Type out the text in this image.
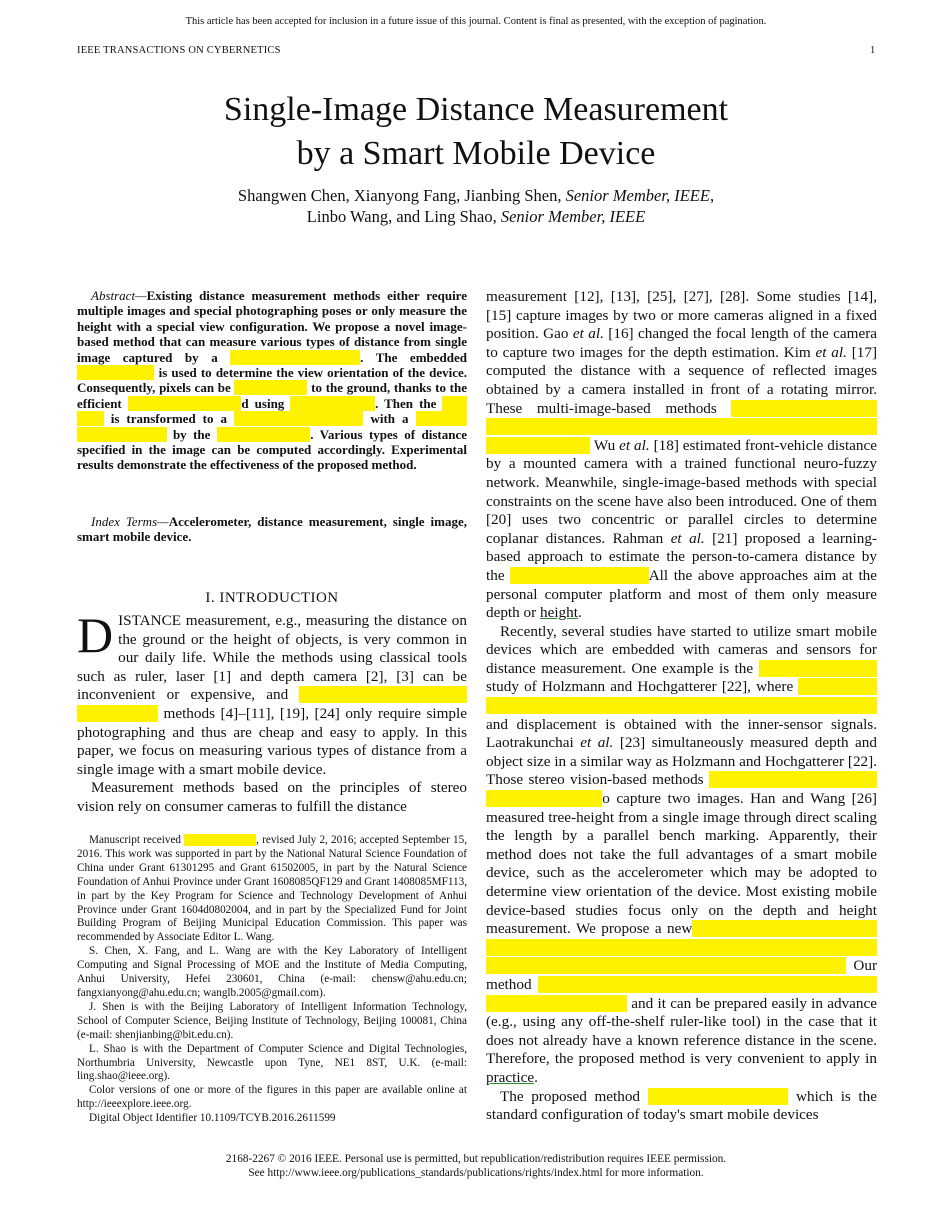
This article has been accepted for inclusion in a future issue of this journal. Content is final as presented, with the exception of pagination.
IEEE TRANSACTIONS ON CYBERNETICS	1
Single-Image Distance Measurement
by a Smart Mobile Device
Shangwen Chen, Xianyong Fang, Jianbing Shen, Senior Member, IEEE,
Linbo Wang, and Ling Shao, Senior Member, IEEE

Abstract—Existing distance measurement methods either require multiple images and special photographing poses or only measure the height with a special view configuration. We propose a novel image-based method that can measure various types of distance from single image captured by a smart mobile device. The embedded accelerometer is used to determine the view orientation of the device. Consequently, pixels can be mapped onto to the ground, thanks to the efficient conversion computed using the orientation. Then the map scale is transformed to a real-world coordinates with a reference distance known by the user beforehand. Various types of distance specified in the image can be computed accordingly. Experimental results demonstrate the effectiveness of the proposed method.

Index Terms—Accelerometer, distance measurement, single image, smart mobile device.

I. INTRODUCTION

DISTANCE measurement, e.g., measuring the distance on the ground or the height of objects, is very common in our daily life. While the methods using classical tools such as ruler, laser [1] and depth camera [2], [3] can be inconvenient or expensive, and the image-based distance measurement methods [4]–[11], [19], [24] only require simple photographing and thus are cheap and easy to apply. In this paper, we focus on measuring various types of distance from a single image with a smart mobile device.

Measurement methods based on the principles of stereo vision rely on consumer cameras to fulfill the distance

Manuscript received January 2, 2016, revised July 2, 2016; accepted September 15, 2016. This work was supported in part by the National Natural Science Foundation of China under Grant 61301295 and Grant 61502005, in part by the Natural Science Foundation of Anhui Province under Grant 1608085QF129 and Grant 1408085MF113, in part by the Key Program for Science and Technology Development of Anhui Province under Grant 1604d0802004, and in part by the Specialized Fund for Joint Building Program of Beijing Municipal Education Commission. This paper was recommended by Associate Editor L. Wang.

S. Chen, X. Fang, and L. Wang are with the Key Laboratory of Intelligent Computing and Signal Processing of MOE and the Institute of Media Computing, Anhui University, Hefei 230601, China (e-mail: chensw@ahu.edu.cn; fangxianyong@ahu.edu.cn; wanglb.2005@gmail.com).

J. Shen is with the Beijing Laboratory of Intelligent Information Technology, School of Computer Science, Beijing Institute of Technology, Beijing 100081, China (e-mail: shenjianbing@bit.edu.cn).

L. Shao is with the Department of Computer Science and Digital Technologies, Northumbria University, Newcastle upon Tyne, NE1 8ST, U.K. (e-mail: ling.shao@ieee.org).

Color versions of one or more of the figures in this paper are available online at http://ieeexplore.ieee.org.

Digital Object Identifier 10.1109/TCYB.2016.2611599

measurement [12], [13], [25], [27], [28]. Some studies [14], [15] capture images by two or more cameras aligned in a fixed position. Gao et al. [16] changed the focal length of the camera to capture two images for the depth estimation. Kim et al. [17] computed the distance with a sequence of reflected images obtained by a camera installed in front of a rotating mirror. These multi-image-based methods often require special photographing poses and equipment configurations for capturing images Wu et al. [18] estimated front-vehicle distance by a mounted camera with a trained functional neuro-fuzzy network. Meanwhile, single-image-based methods with special constraints on the scene have also been introduced. One of them [20] uses two concentric or parallel circles to determine coplanar distances. Rahman et al. [21] proposed a learning-based approach to estimate the person-to-camera distance by the size of detected faces.All the above approaches aim at the personal computer platform and most of them only measure depth or height.

Recently, several studies have started to utilize smart mobile devices which are embedded with cameras and sensors for distance measurement. One example is the stereo vision-based study of Holzmann and Hochgatterer [22], where the device is moved to take two images along a line and the distance of the and displacement is obtained with the inner-sensor signals. Laotrakunchai et al. [23] simultaneously measured depth and object size in a similar way as Holzmann and Hochgatterer [22]. Those stereo vision-based methods require the device to move in a special way to capture two images. Han and Wang [26] measured tree-height from a single image through direct scaling the length by a parallel bench marking. Apparently, their method does not take the full advantages of a smart mobile device, such as the accelerometer which may be adopted to determine view orientation of the device. Most existing mobile device-based studies focus only on the depth and height measurement. We propose a new approach to measure various types of distance from a single image captured by a smart mobile device in a flexible way. The reference distance Our method just needs a known reference distance on the ground, which is easy to obtain and it can be prepared easily in advance (e.g., using any off-the-shelf ruler-like tool) in the case that it does not already have a known reference distance in the scene. Therefore, the proposed method is very convenient to apply in practice.

The proposed method uses an accelerometer which is the standard configuration of today's smart mobile devices

2168-2267 © 2016 IEEE. Personal use is permitted, but republication/redistribution requires IEEE permission.
See http://www.ieee.org/publications_standards/publications/rights/index.html for more information.
